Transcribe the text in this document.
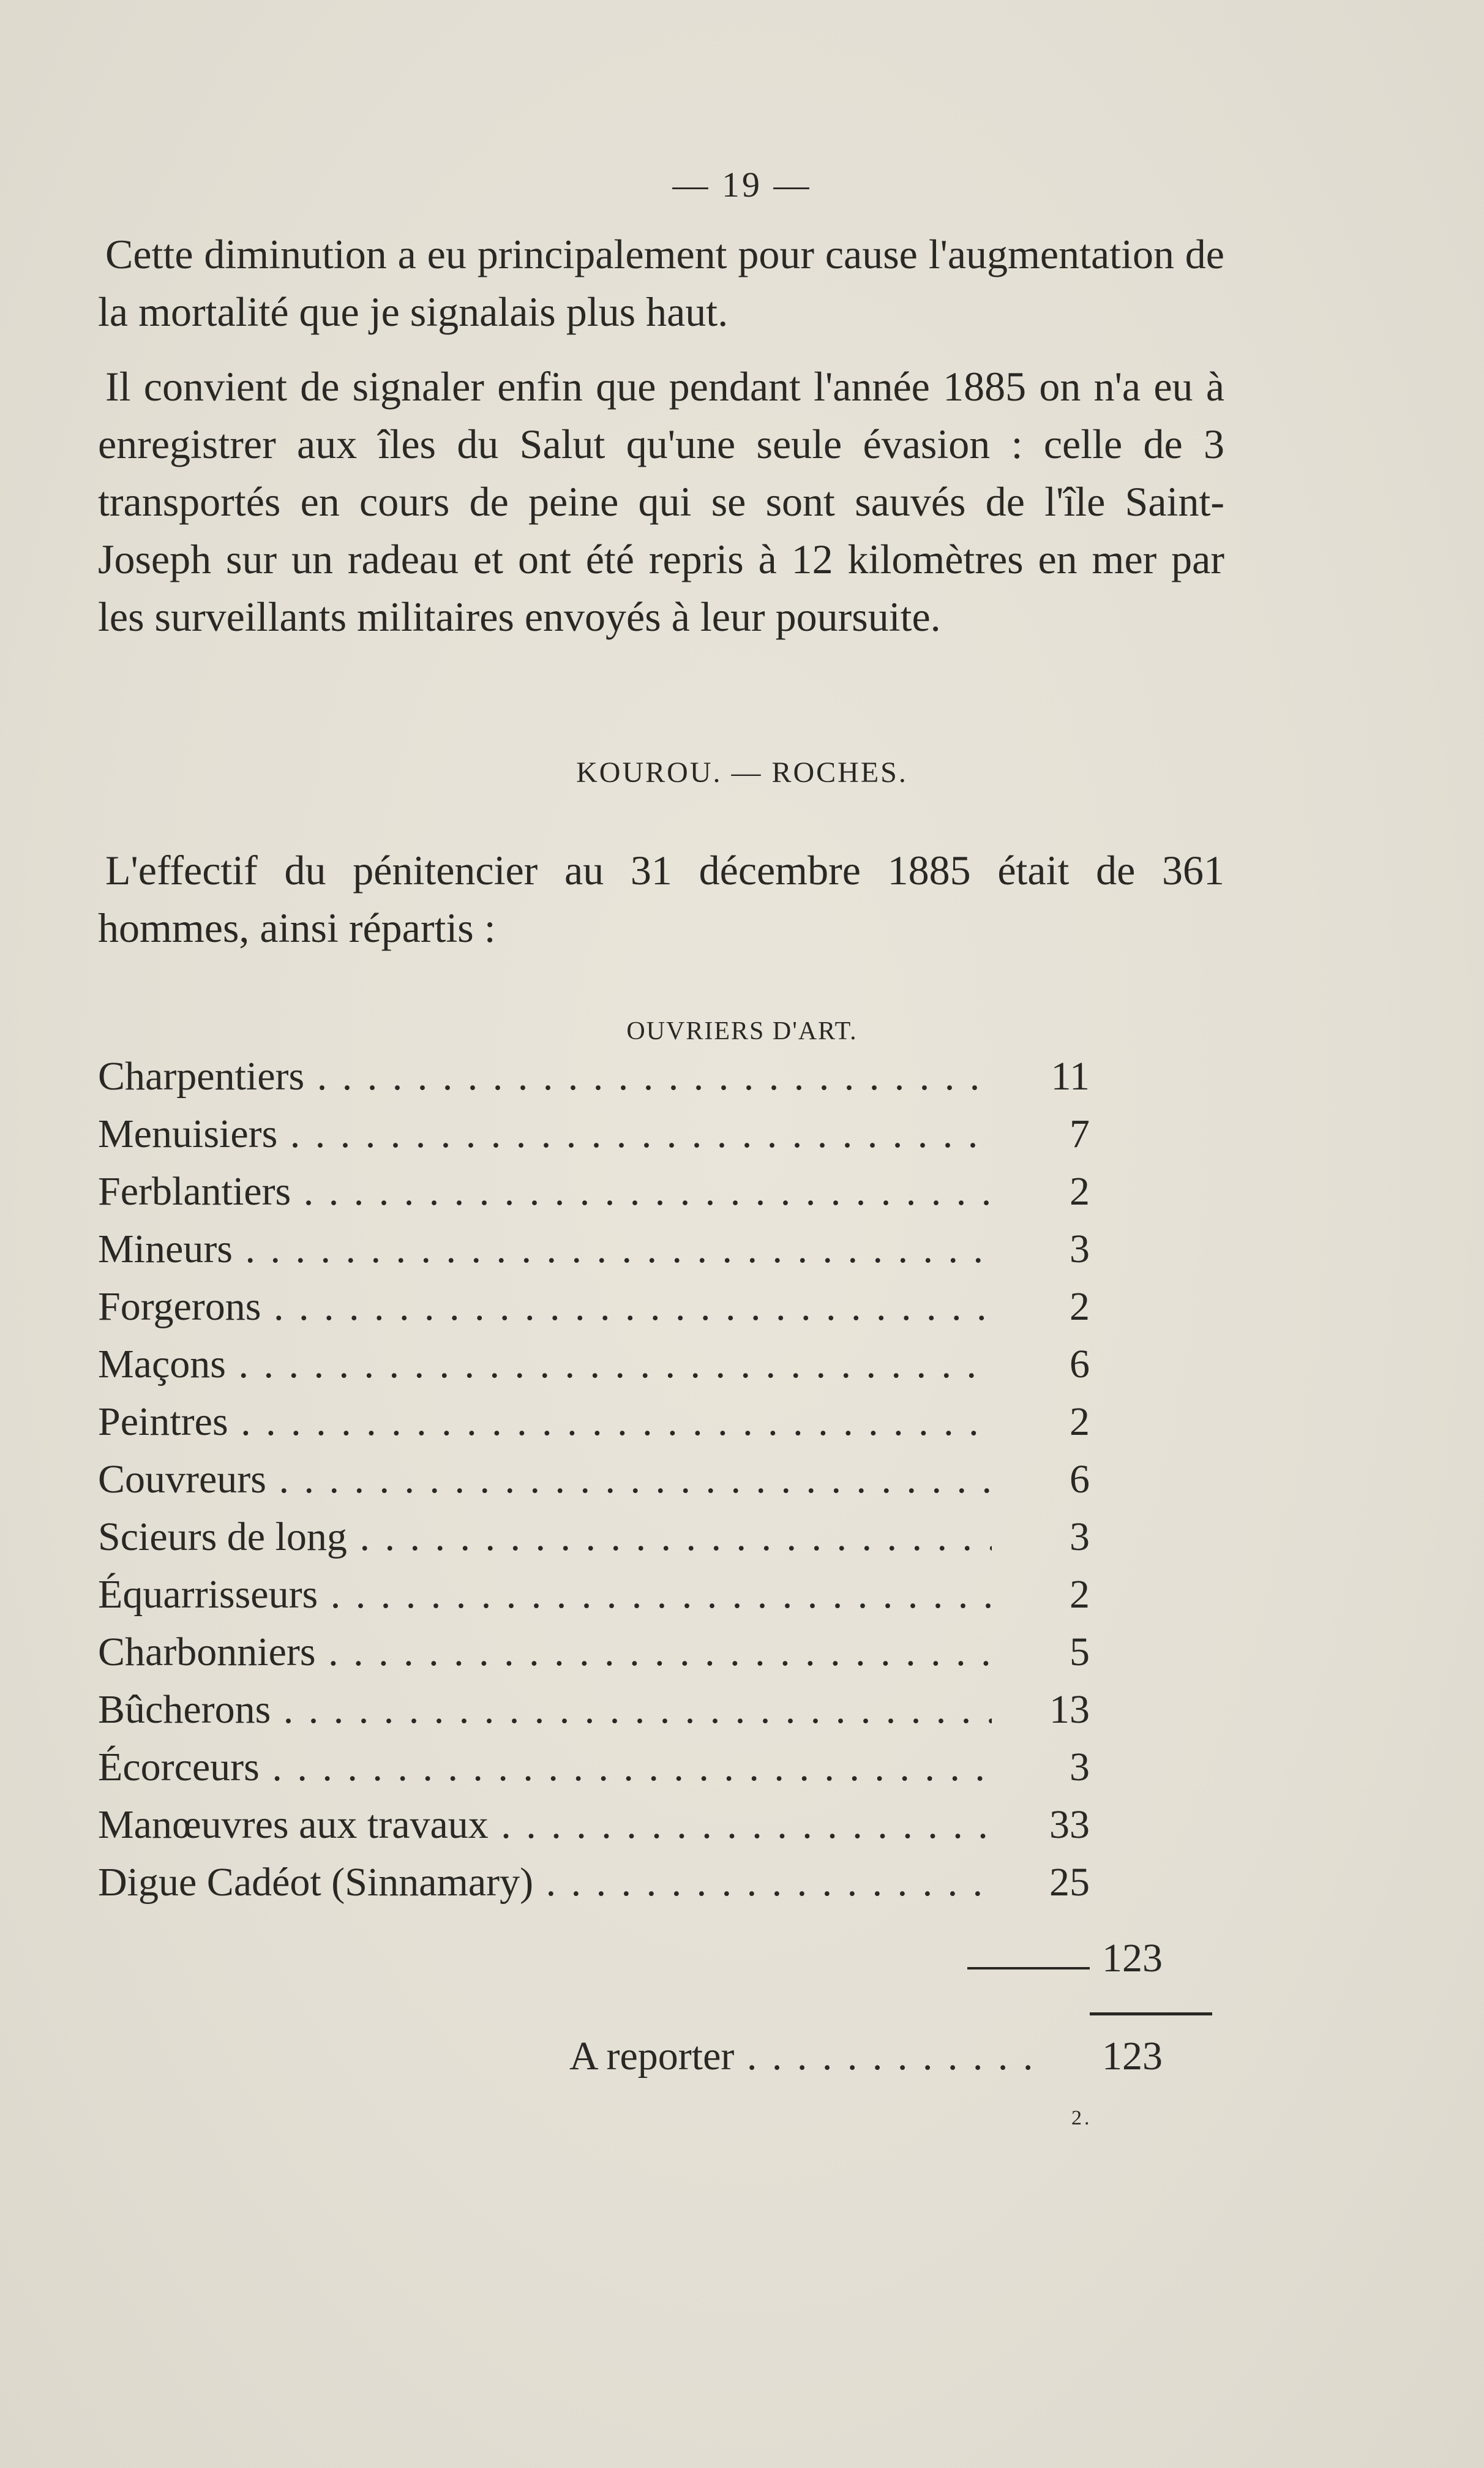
— 19 —

Cette diminution a eu principalement pour cause l'augmentation de la mortalité que je signalais plus haut.

Il convient de signaler enfin que pendant l'année 1885 on n'a eu à enregistrer aux îles du Salut qu'une seule évasion : celle de 3 transportés en cours de peine qui se sont sauvés de l'île Saint-Joseph sur un radeau et ont été repris à 12 kilomètres en mer par les surveillants militaires envoyés à leur poursuite.

KOUROU. — ROCHES.

L'effectif du pénitencier au 31 décembre 1885 était de 361 hommes, ainsi répartis :

OUVRIERS D'ART.
Charpentiers . . .	11
Menuisiers . . .	7
Ferblantiers . . .	2
Mineurs . . .	3
Forgerons . . .	2
Maçons . . .	6
Peintres . . .	2
Couvreurs . . .	6
Scieurs de long . . .	3
Équarrisseurs . . .	2
Charbonniers . . .	5
Bûcherons . . .	13
Écorceurs . . .	3
Manœuvres aux travaux . . .	33
Digue Cadéot (Sinnamary) . . .	25
123
A reporter . . .	123
2.
